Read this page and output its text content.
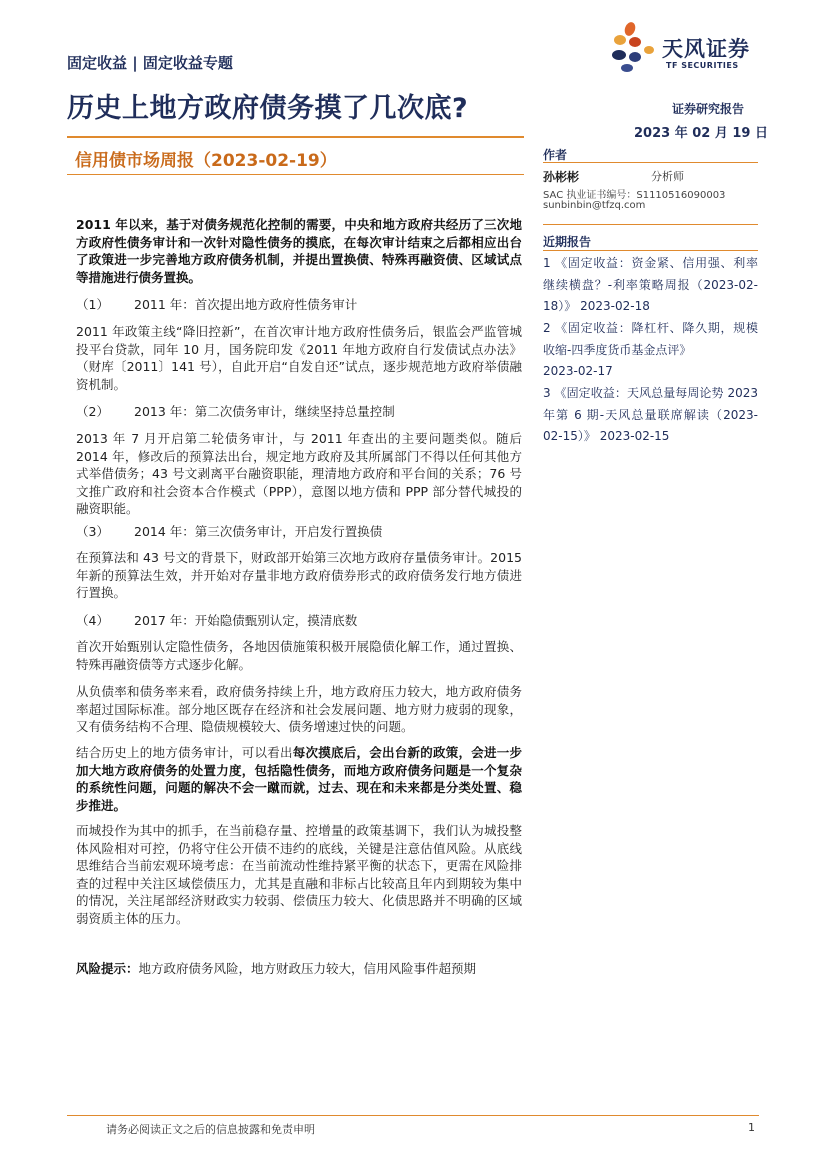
固定收益 | 固定收益专题
历史上地方政府债务摸了几次底?
信用债市场周报（2023-02-19）
天风证券
TF SECURITIES
证券研究报告
2023 年 02 月 19 日
作者
孙彬彬	分析师
SAC 执业证书编号：S1110516090003
sunbinbin@tfzq.com
近期报告
1 《固定收益：资金紧、信用强、利率继续横盘？-利率策略周报（2023-02-18）》 2023-02-18
2 《固定收益：降杠杆、降久期，规模收缩-四季度货币基金点评》
2023-02-17
3 《固定收益：天风总量每周论势 2023年第 6 期-天风总量联席解读（2023-02-15）》 2023-02-15
2011 年以来，基于对债务规范化控制的需要，中央和地方政府共经历了三次地方政府性债务审计和一次针对隐性债务的摸底，在每次审计结束之后都相应出台了政策进一步完善地方政府债务机制，并提出置换债、特殊再融资债、区域试点等措施进行债务置换。
（1） 2011 年：首次提出地方政府性债务审计
2011 年政策主线“降旧控新”，在首次审计地方政府性债务后，银监会严监管城投平台贷款，同年 10 月，国务院印发《2011 年地方政府自行发债试点办法》（财库〔2011〕141 号），自此开启“自发自还”试点，逐步规范地方政府举债融资机制。
（2） 2013 年：第二次债务审计，继续坚持总量控制
2013 年 7 月开启第二轮债务审计，与 2011 年查出的主要问题类似。随后 2014 年，修改后的预算法出台，规定地方政府及其所属部门不得以任何其他方式举借债务；43 号文剥离平台融资职能，理清地方政府和平台间的关系；76 号文推广政府和社会资本合作模式（PPP），意图以地方债和 PPP 部分替代城投的融资职能。
（3） 2014 年：第三次债务审计，开启发行置换债
在预算法和 43 号文的背景下，财政部开始第三次地方政府存量债务审计。2015 年新的预算法生效，并开始对存量非地方政府债券形式的政府债务发行地方债进行置换。
（4） 2017 年：开始隐债甄别认定，摸清底数
首次开始甄别认定隐性债务，各地因债施策积极开展隐债化解工作，通过置换、特殊再融资债等方式逐步化解。
从负债率和债务率来看，政府债务持续上升，地方政府压力较大，地方政府债务率超过国际标准。部分地区既存在经济和社会发展问题、地方财力疲弱的现象，又有债务结构不合理、隐债规模较大、债务增速过快的问题。
结合历史上的地方债务审计，可以看出每次摸底后，会出台新的政策，会进一步加大地方政府债务的处置力度，包括隐性债务，而地方政府债务问题是一个复杂的系统性问题，问题的解决不会一蹴而就，过去、现在和未来都是分类处置、稳步推进。
而城投作为其中的抓手，在当前稳存量、控增量的政策基调下，我们认为城投整体风险相对可控，仍将守住公开债不违约的底线，关键是注意估值风险。从底线思维结合当前宏观环境考虑：在当前流动性维持紧平衡的状态下，更需在风险排查的过程中关注区域偿债压力，尤其是直融和非标占比较高且年内到期较为集中的情况，关注尾部经济财政实力较弱、偿债压力较大、化债思路并不明确的区域弱资质主体的压力。
风险提示：地方政府债务风险，地方财政压力较大，信用风险事件超预期
请务必阅读正文之后的信息披露和免责申明	1
